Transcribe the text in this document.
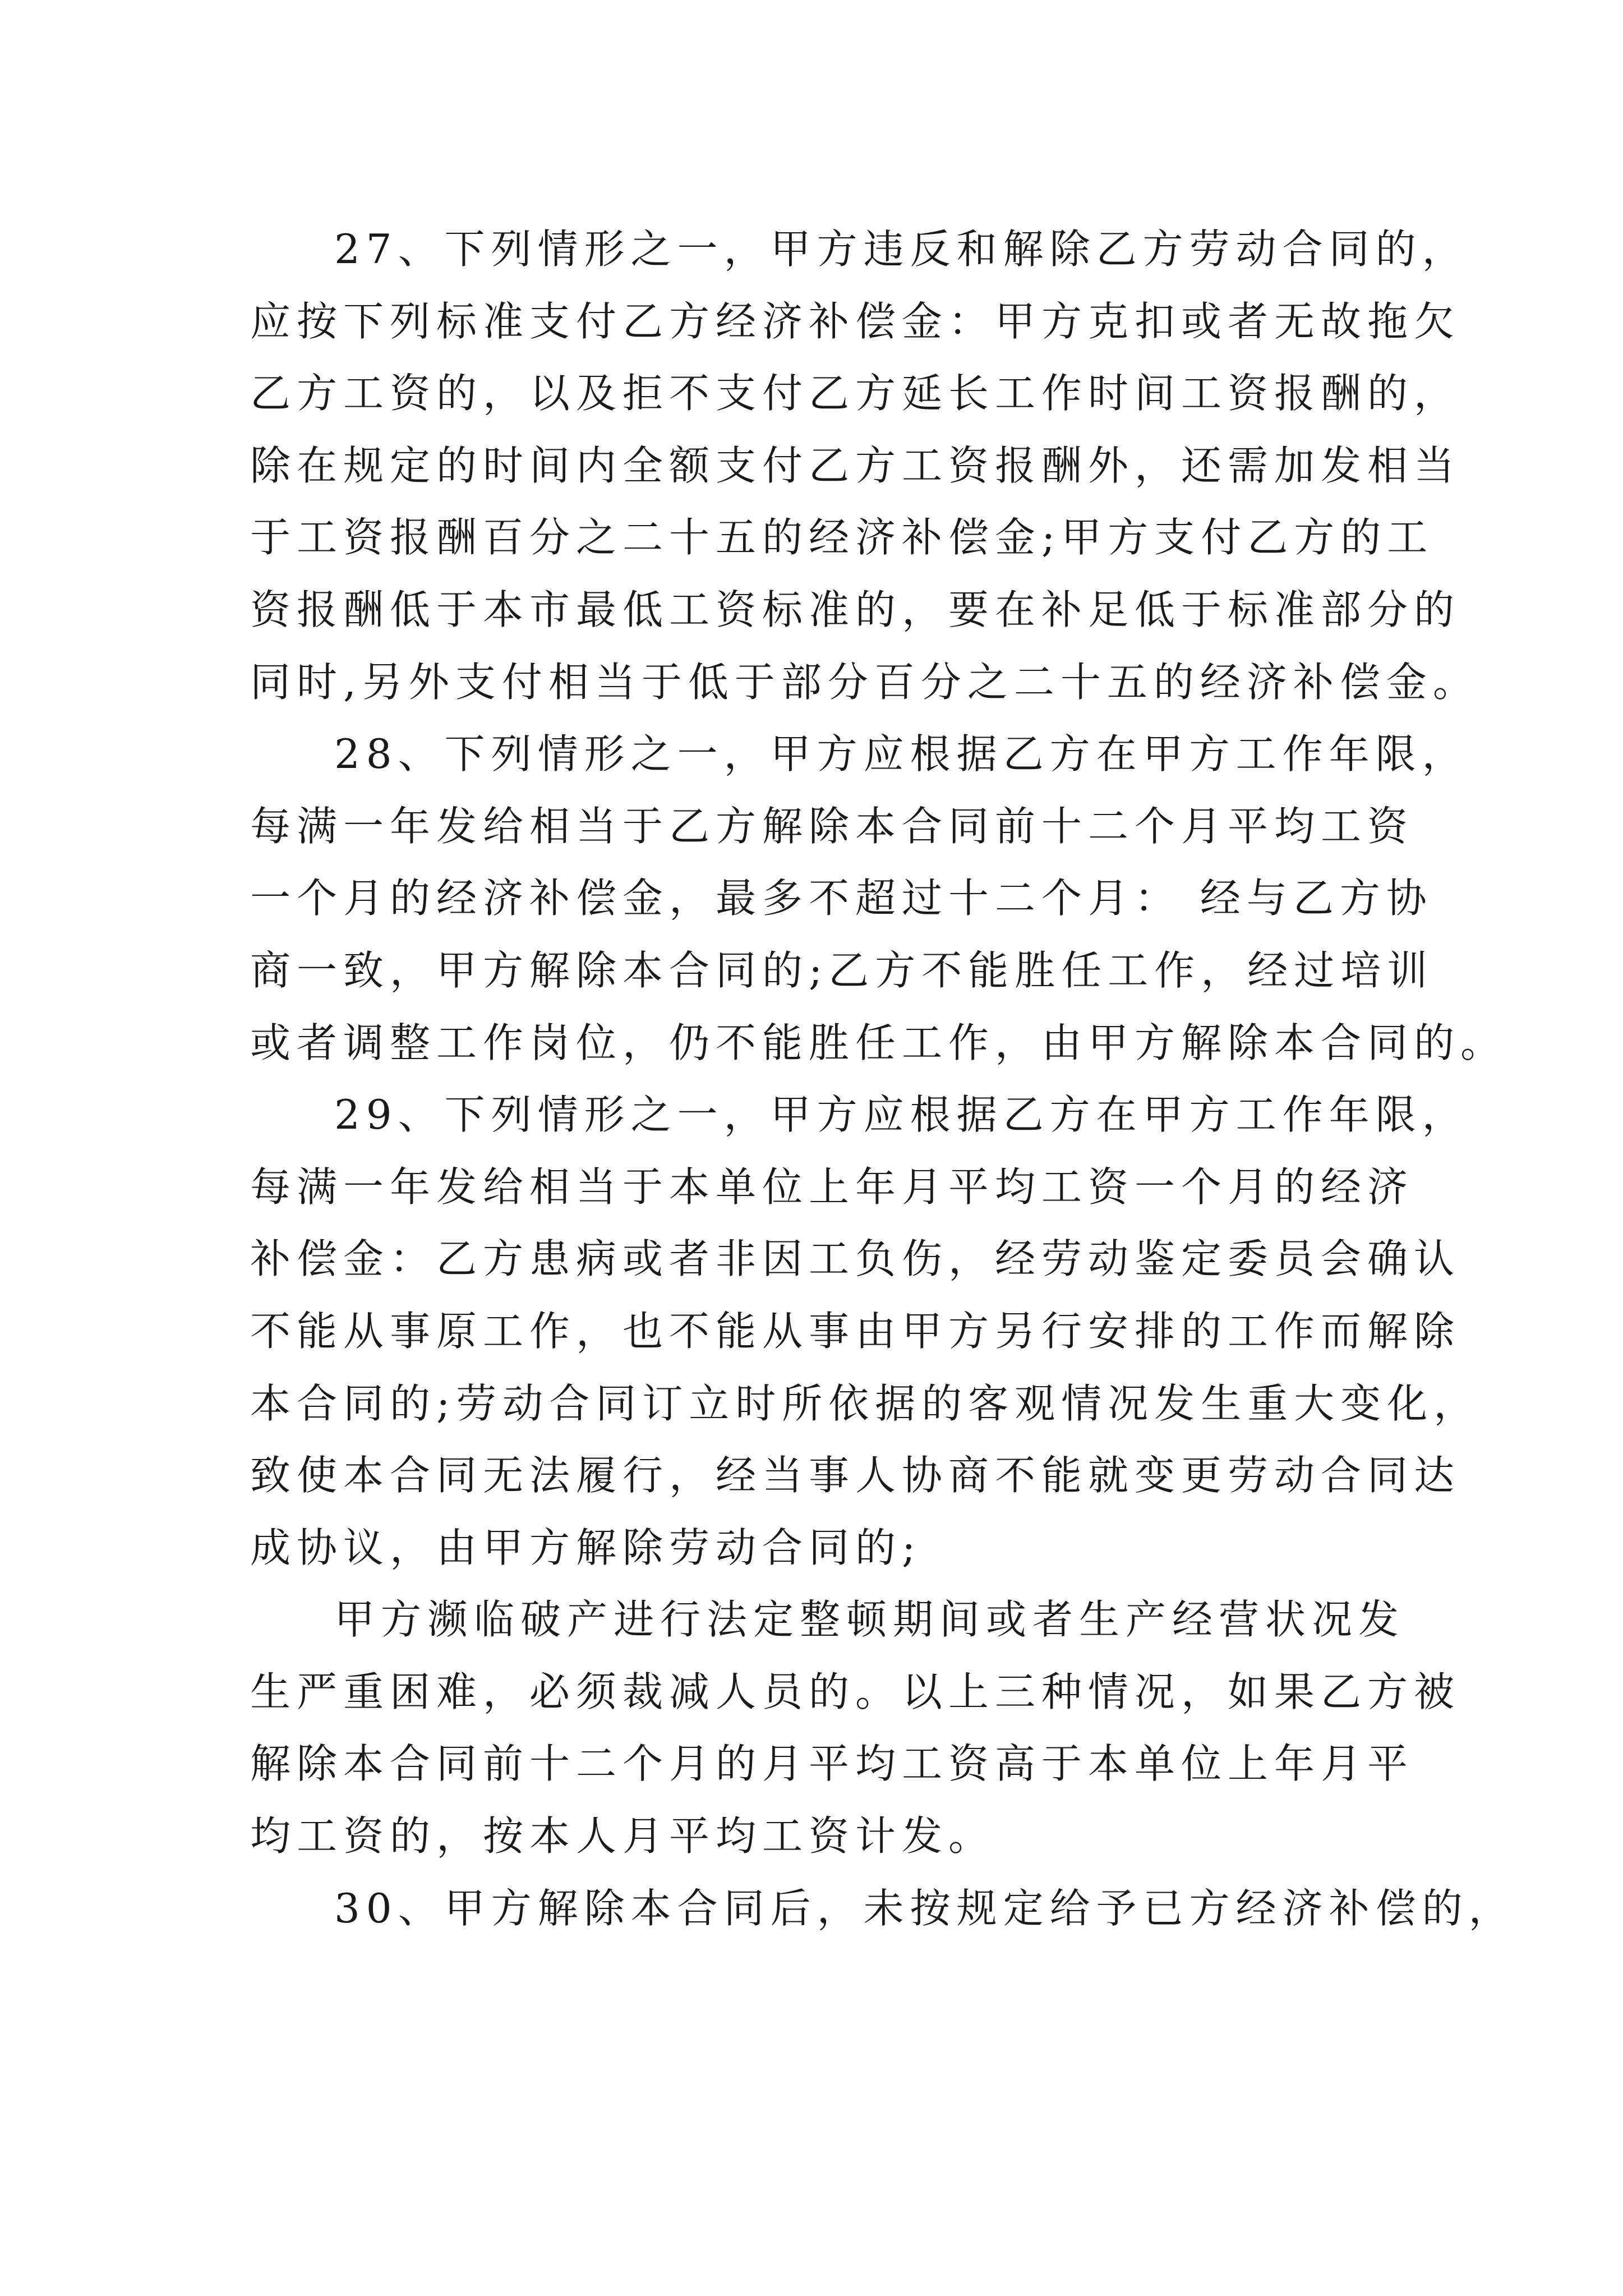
27、下列情形之一，甲方违反和解除乙方劳动合同的，
应按下列标准支付乙方经济补偿金：甲方克扣或者无故拖欠
乙方工资的，以及拒不支付乙方延长工作时间工资报酬的，
除在规定的时间内全额支付乙方工资报酬外，还需加发相当
于工资报酬百分之二十五的经济补偿金;甲方支付乙方的工
资报酬低于本市最低工资标准的，要在补足低于标准部分的
同时,另外支付相当于低于部分百分之二十五的经济补偿金。
28、下列情形之一，甲方应根据乙方在甲方工作年限，
每满一年发给相当于乙方解除本合同前十二个月平均工资
一个月的经济补偿金，最多不超过十二个月： 经与乙方协
商一致，甲方解除本合同的;乙方不能胜任工作，经过培训
或者调整工作岗位，仍不能胜任工作，由甲方解除本合同的。
29、下列情形之一，甲方应根据乙方在甲方工作年限，
每满一年发给相当于本单位上年月平均工资一个月的经济
补偿金：乙方患病或者非因工负伤，经劳动鉴定委员会确认
不能从事原工作，也不能从事由甲方另行安排的工作而解除
本合同的;劳动合同订立时所依据的客观情况发生重大变化，
致使本合同无法履行，经当事人协商不能就变更劳动合同达
成协议，由甲方解除劳动合同的;
甲方濒临破产进行法定整顿期间或者生产经营状况发
生严重困难，必须裁减人员的。以上三种情况，如果乙方被
解除本合同前十二个月的月平均工资高于本单位上年月平
均工资的，按本人月平均工资计发。
30、甲方解除本合同后，未按规定给予已方经济补偿的，
